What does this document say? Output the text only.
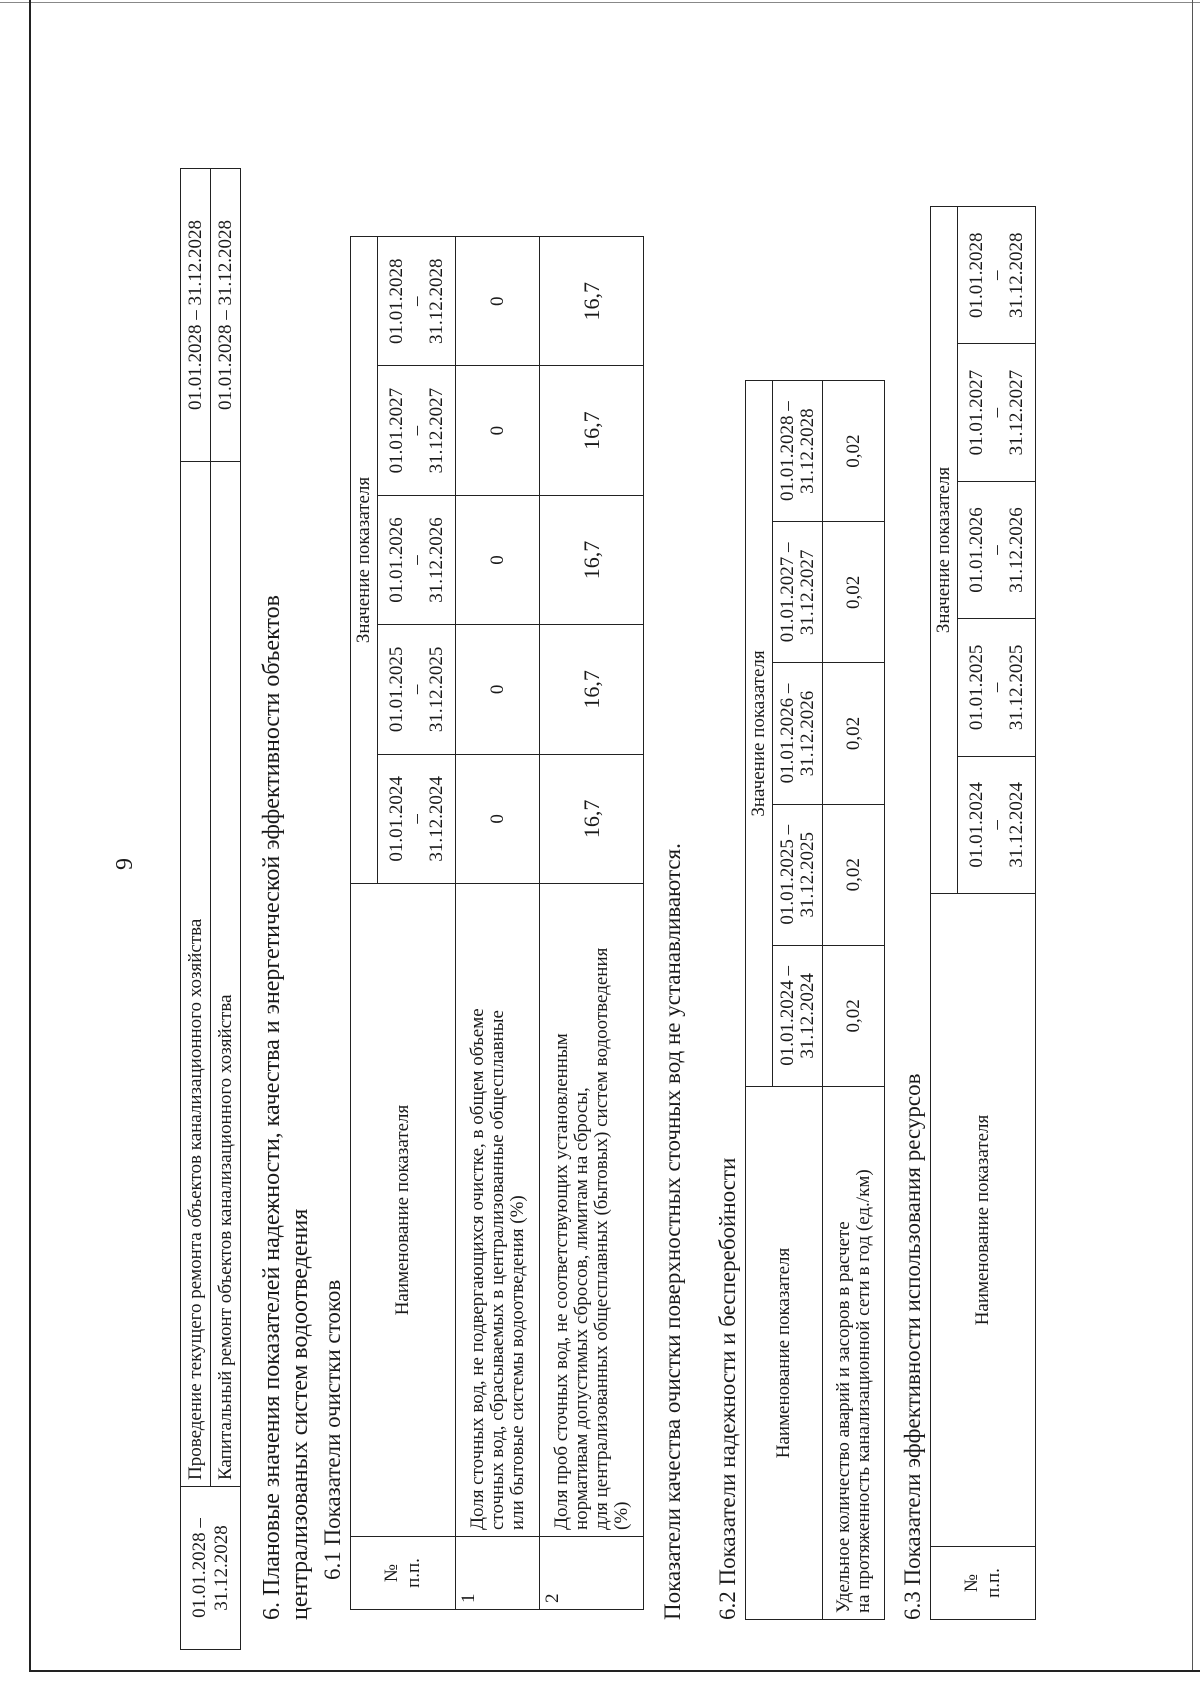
9
01.01.2028 –
31.12.2028	Проведение текущего ремонта объектов канализационного хозяйства	01.01.2028 – 31.12.2028
	Капитальный ремонт объектов канализационного хозяйства	01.01.2028 – 31.12.2028
6. Плановые значения показателей надежности, качества и энергетической эффективности объектов централизованых систем водоотведения 6.1 Показатели очистки стоков №
п.п.	Наименование показателя	Значение показателя				
		01.01.2024
–
31.12.2024	01.01.2025
–
31.12.2025	01.01.2026
–
31.12.2026	01.01.2027
–
31.12.2027	01.01.2028
–
31.12.2028
1	Доля сточных вод, не подвергающихся очистке, в общем объеме
сточных вод, сбрасываемых в централизованные общесплавные
или бытовые системы водоотведения (%)	0	0	0	0	0
2	Доля проб сточных вод, не соответствующих установленным
нормативам допустимых сбросов, лимитам на сбросы,
для централизованных общесплавных (бытовых) систем водоотведения
(%)	16,7	16,7	16,7	16,7	16,7
Показатели качества очистки поверхностных сточных вод не устанавливаются. 6.2 Показатели надежности и бесперебойности Наименование показателя	Значение показателя				
	01.01.2024 –
31.12.2024	01.01.2025 –
31.12.2025	01.01.2026 –
31.12.2026	01.01.2027 –
31.12.2027	01.01.2028 –
31.12.2028
Удельное количество аварий и засоров в расчете
на протяженность канализационной сети в год (ед./км)	0,02	0,02	0,02	0,02	0,02
6.3 Показатели эффективности использования ресурсов №
п.п.	Наименование показателя	Значение показателя				
		01.01.2024
–
31.12.2024	01.01.2025
–
31.12.2025	01.01.2026
–
31.12.2026	01.01.2027
–
31.12.2027	01.01.2028
–
31.12.2028
